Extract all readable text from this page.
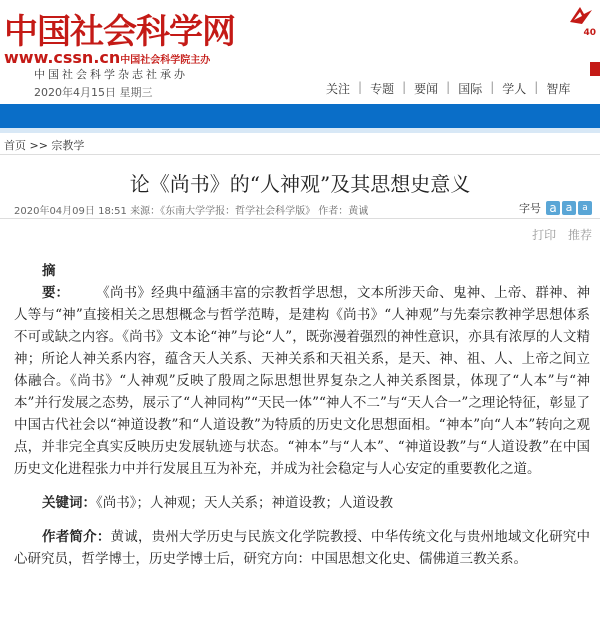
中国社会科学网
www.cssn.cn中国社会科学院主办
中国社会科学杂志社承办
40
2020年4月15日 星期三	关注 | 专题 | 要闻 | 国际 | 学人 | 智库
首页 >> 宗教学
论《尚书》的“人神观”及其思想史意义
2020年04月09日 18:51 来源：《东南大学学报：哲学社会科学版》 作者：黄诚	字号 a a	a
打印 推荐

摘　　要： 《尚书》经典中蕴涵丰富的宗教哲学思想，文本所涉天命、鬼神、上帝、群神、神人等与“神”直接相关之思想概念与哲学范畴，是建构《尚书》“人神观”与先秦宗教神学思想体系不可或缺之内容。《尚书》文本论“神”与论“人”，既弥漫着强烈的神性意识，亦具有浓厚的人文精神；所论人神关系内容，蕴含天人关系、天神关系和天祖关系，是天、神、祖、人、上帝之间立体融合。《尚书》“人神观”反映了殷周之际思想世界复杂之人神关系图景，体现了“人本”与“神本”并行发展之态势，展示了“人神同构”“天民一体”“神人不二”与“天人合一”之理论特征，彰显了中国古代社会以“神道设教”和“人道设教”为特质的历史文化思想面相。“神本”向“人本”转向之观点，并非完全真实反映历史发展轨迹与状态。“神本”与“人本”、“神道设教”与“人道设教”在中国历史文化进程张力中并行发展且互为补充，并成为社会稳定与人心安定的重要教化之道。

关键词：《尚书》；人神观；天人关系；神道设教；人道设教

作者简介：黄诚，贵州大学历史与民族文化学院教授、中华传统文化与贵州地域文化研究中心研究员，哲学博士，历史学博士后，研究方向：中国思想文化史、儒佛道三教关系。
